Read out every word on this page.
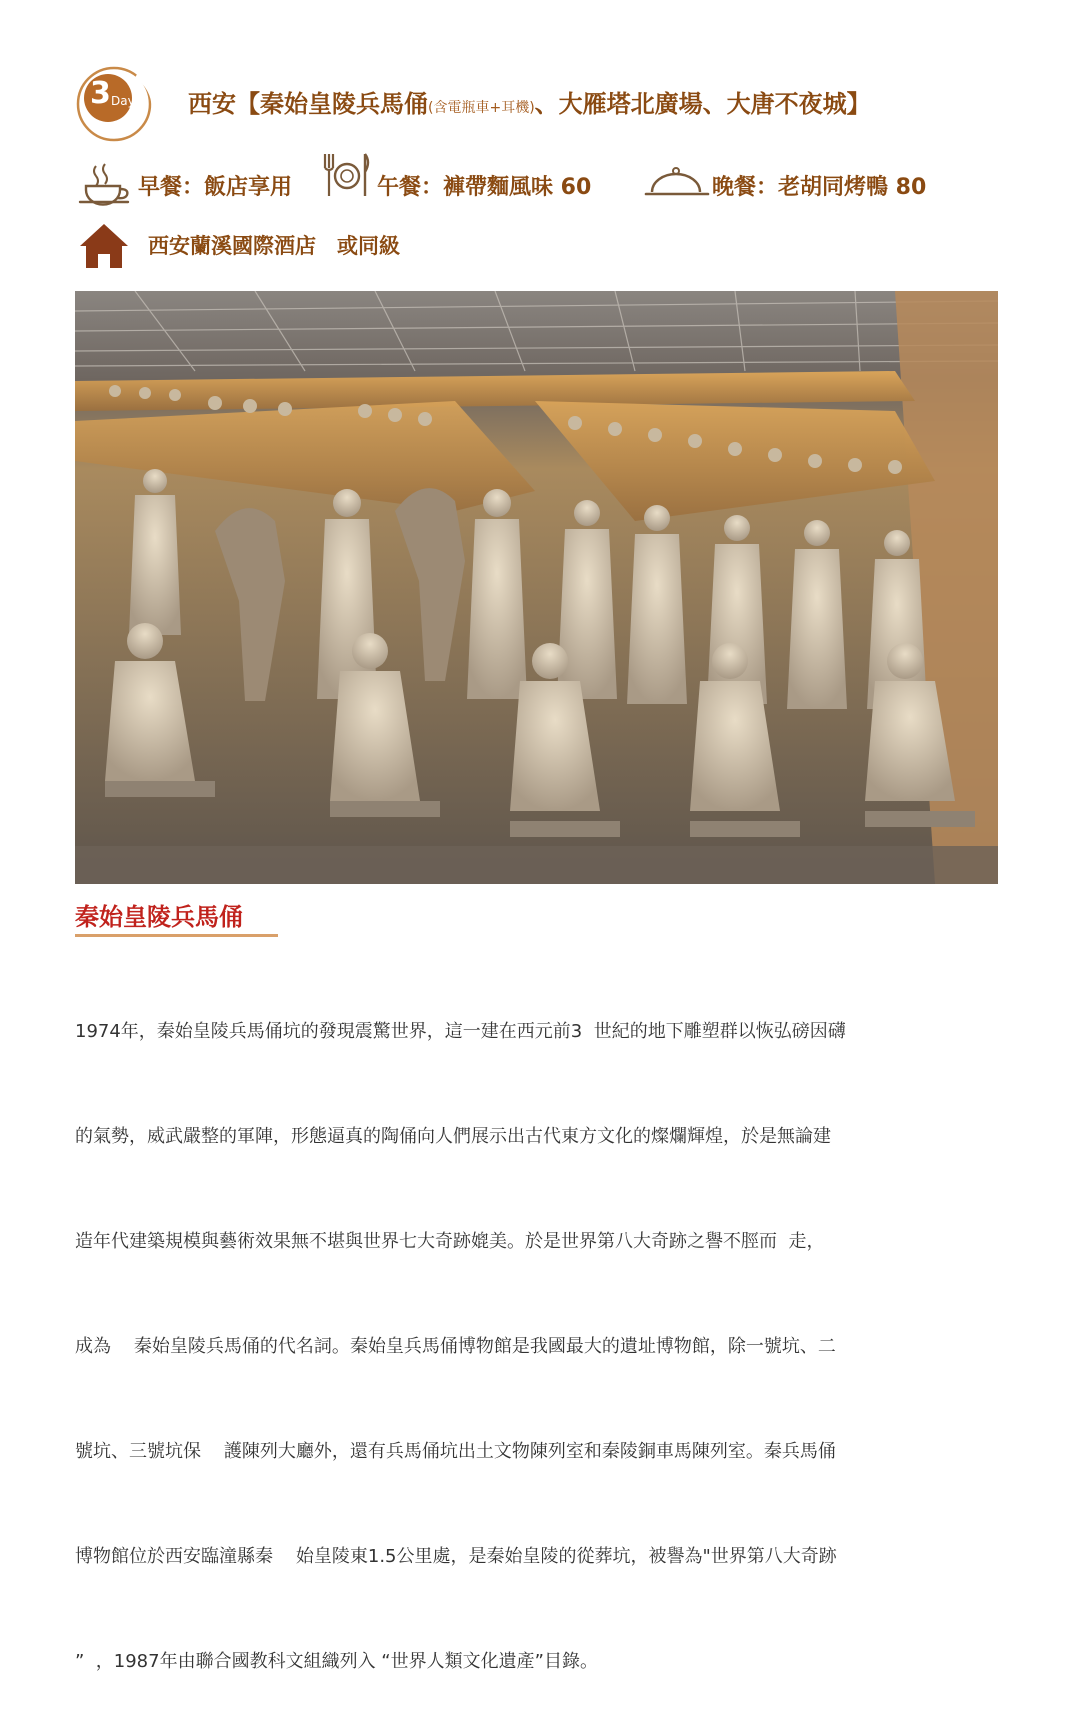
3 Day 西安【秦始皇陵兵馬俑(含電瓶車+耳機)、大雁塔北廣場、大唐不夜城】
早餐：飯店享用	午餐：褲帶麵風味 60	晚餐：老胡同烤鴨 80
西安蘭溪國際酒店　或同級
秦始皇陵兵馬俑

1974年，秦始皇陵兵馬俑坑的發現震驚世界，這一建在西元前3  世紀的地下雕塑群以恢弘磅因礴

的氣勢，威武嚴整的軍陣，形態逼真的陶俑向人們展示出古代東方文化的燦爛輝煌，於是無論建

造年代建築規模與藝術效果無不堪與世界七大奇跡媲美。於是世界第八大奇跡之譽不脛而  走，

成為    秦始皇陵兵馬俑的代名詞。秦始皇兵馬俑博物館是我國最大的遺址博物館，除一號坑、二

號坑、三號坑保    護陳列大廳外，還有兵馬俑坑出土文物陳列室和秦陵銅車馬陳列室。秦兵馬俑

博物館位於西安臨潼縣秦    始皇陵東1.5公里處，是秦始皇陵的從葬坑，被譽為"世界第八大奇跡

”  ，1987年由聯合國教科文組織列入 “世界人類文化遺產”目錄。
